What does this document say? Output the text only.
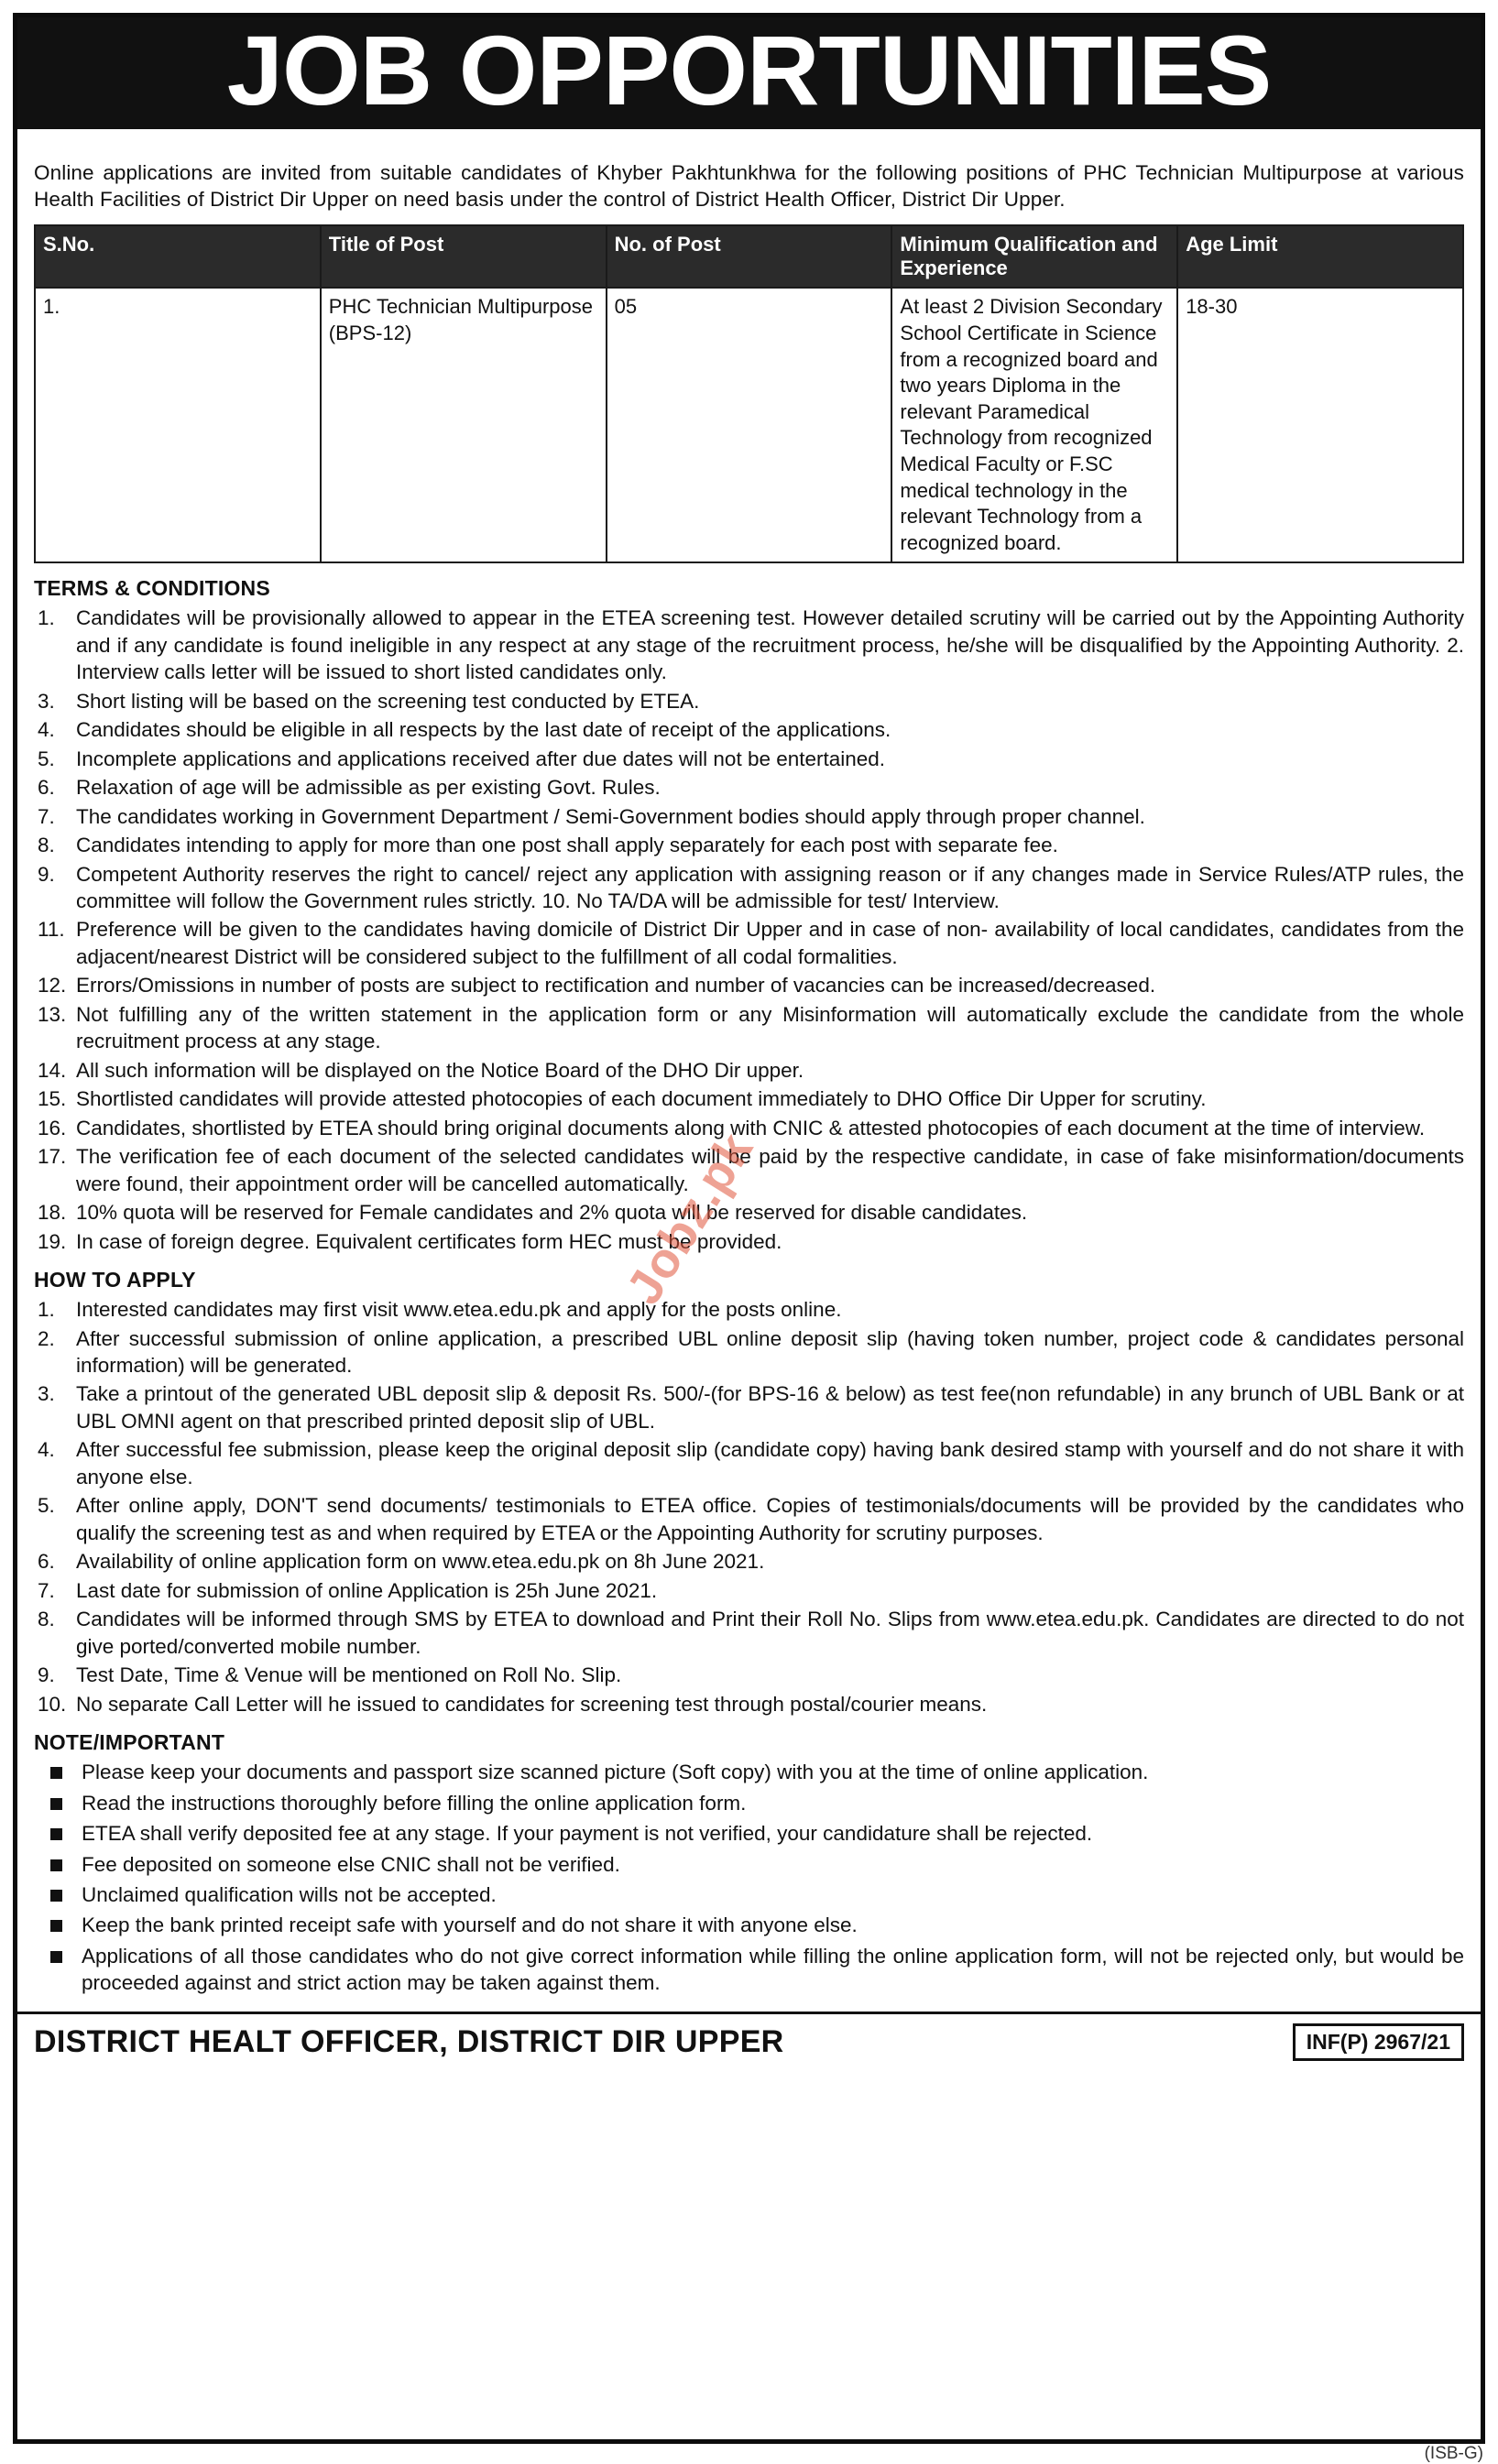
JOB OPPORTUNITIES

Online applications are invited from suitable candidates of Khyber Pakhtunkhwa for the following positions of PHC Technician Multipurpose at various Health Facilities of District Dir Upper on need basis under the control of District Health Officer, District Dir Upper.

S.No.	Title of Post	No. of Post	Minimum Qualification and Experience	Age Limit
1.	PHC Technician Multipurpose (BPS-12)	05	At least 2 Division Secondary School Certificate in Science from a recognized board and two years Diploma in the relevant Paramedical Technology from recognized Medical Faculty or F.SC medical technology in the relevant Technology from a recognized board.	18-30
TERMS & CONDITIONS
1.	Candidates will be provisionally allowed to appear in the ETEA screening test. However detailed scrutiny will be carried out by the Appointing Authority and if any candidate is found ineligible in any respect at any stage of the recruitment process, he/she will be disqualified by the Appointing Authority. 2. Interview calls letter will be issued to short listed candidates only.
3.	Short listing will be based on the screening test conducted by ETEA.
4.	Candidates should be eligible in all respects by the last date of receipt of the applications.
5.	Incomplete applications and applications received after due dates will not be entertained.
6.	Relaxation of age will be admissible as per existing Govt. Rules.
7.	The candidates working in Government Department / Semi-Government bodies should apply through proper channel.
8.	Candidates intending to apply for more than one post shall apply separately for each post with separate fee.
9.	Competent Authority reserves the right to cancel/ reject any application with assigning reason or if any changes made in Service Rules/ATP rules, the committee will follow the Government rules strictly. 10. No TA/DA will be admissible for test/ Interview.
11. Preference will be given to the candidates having domicile of District Dir Upper and in case of non- availability of local candidates, candidates from the adjacent/nearest District will be considered subject to the fulfillment of all codal formalities.
12. Errors/Omissions in number of posts are subject to rectification and number of vacancies can be increased/decreased.
13. Not fulfilling any of the written statement in the application form or any Misinformation will automatically exclude the candidate from the whole recruitment process at any stage.
14. All such information will be displayed on the Notice Board of the DHO Dir upper.
15. Shortlisted candidates will provide attested photocopies of each document immediately to DHO Office Dir Upper for scrutiny.
16. Candidates, shortlisted by ETEA should bring original documents along with CNIC & attested photocopies of each document at the time of interview.
17. The verification fee of each document of the selected candidates will be paid by the respective candidate, in case of fake misinformation/documents were found, their appointment order will be cancelled automatically.
18. 10% quota will be reserved for Female candidates and 2% quota will be reserved for disable candidates.
19. In case of foreign degree. Equivalent certificates form HEC must be provided.
HOW TO APPLY
1.	Interested candidates may first visit www.etea.edu.pk and apply for the posts online.
2.	After successful submission of online application, a prescribed UBL online deposit slip (having token number, project code & candidates personal information) will be generated.
3.	Take a printout of the generated UBL deposit slip & deposit Rs. 500/-(for BPS-16 & below) as test fee(non refundable) in any brunch of UBL Bank or at UBL OMNI agent on that prescribed printed deposit slip of UBL.
4.	After successful fee submission, please keep the original deposit slip (candidate copy) having bank desired stamp with yourself and do not share it with anyone else.
5.	After online apply, DON'T send documents/ testimonials to ETEA office. Copies of testimonials/documents will be provided by the candidates who qualify the screening test as and when required by ETEA or the Appointing Authority for scrutiny purposes.
6.	Availability of online application form on www.etea.edu.pk on 8h June 2021.
7.	Last date for submission of online Application is 25h June 2021.
8.	Candidates will be informed through SMS by ETEA to download and Print their Roll No. Slips from www.etea.edu.pk. Candidates are directed to do not give ported/converted mobile number.
9.	Test Date, Time & Venue will be mentioned on Roll No. Slip.
10. No separate Call Letter will he issued to candidates for screening test through postal/courier means.
NOTE/IMPORTANT
Please keep your documents and passport size scanned picture (Soft copy) with you at the time of online application.
Read the instructions thoroughly before filling the online application form.
ETEA shall verify deposited fee at any stage. If your payment is not verified, your candidature shall be rejected.
Fee deposited on someone else CNIC shall not be verified.
Unclaimed qualification wills not be accepted.
Keep the bank printed receipt safe with yourself and do not share it with anyone else.
Applications of all those candidates who do not give correct information while filling the online application form, will not be rejected only, but would be proceeded against and strict action may be taken against them.
DISTRICT HEALT OFFICER, DISTRICT DIR UPPER	INF(P) 2967/21
Jobz.pk
(ISB-G)
